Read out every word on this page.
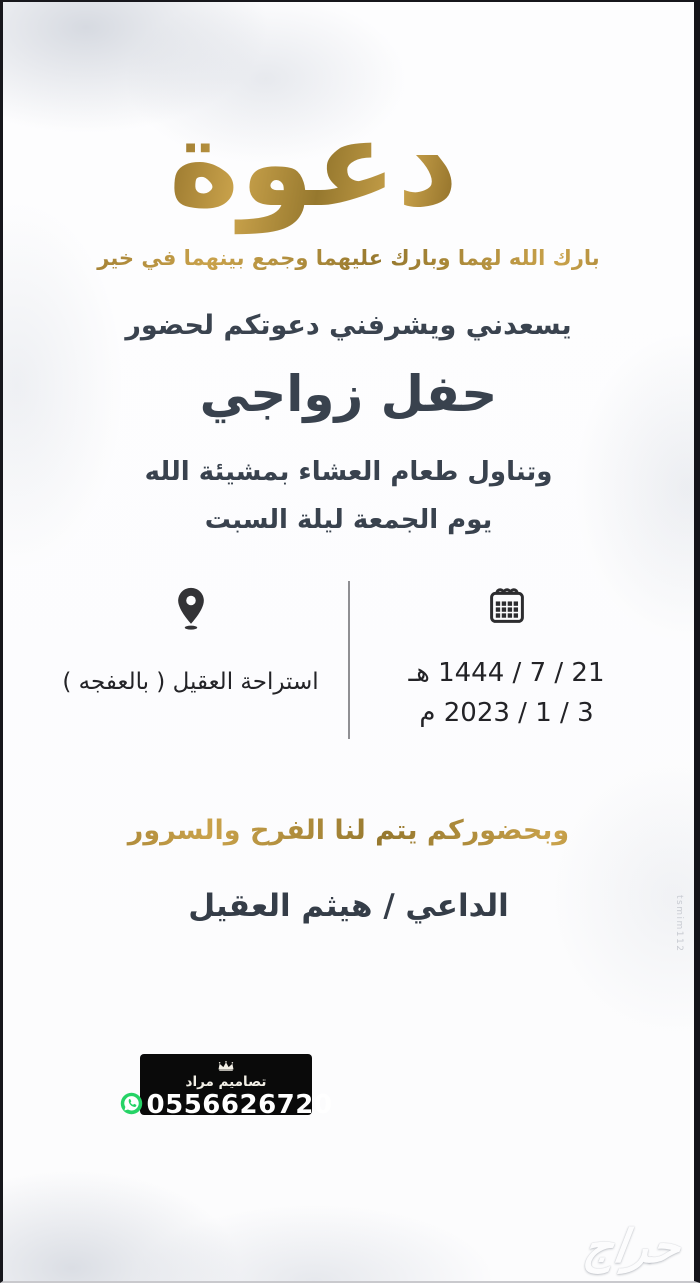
دعوة
بارك الله لهما وبارك عليهما وجمع بينهما في خير
يسعدني ويشرفني دعوتكم لحضور
حفل زواجي
وتناول طعام العشاء بمشيئة الله
يوم الجمعة ليلة السبت
21 / 7 / 1444 هـ
3 / 1 / 2023 م
استراحة العقيل ( بالعفجه )
وبحضوركم يتم لنا الفرح والسرور
الداعي / هيثم العقيل
تصاميم مراد
0556626720
حراج
tsmim112
